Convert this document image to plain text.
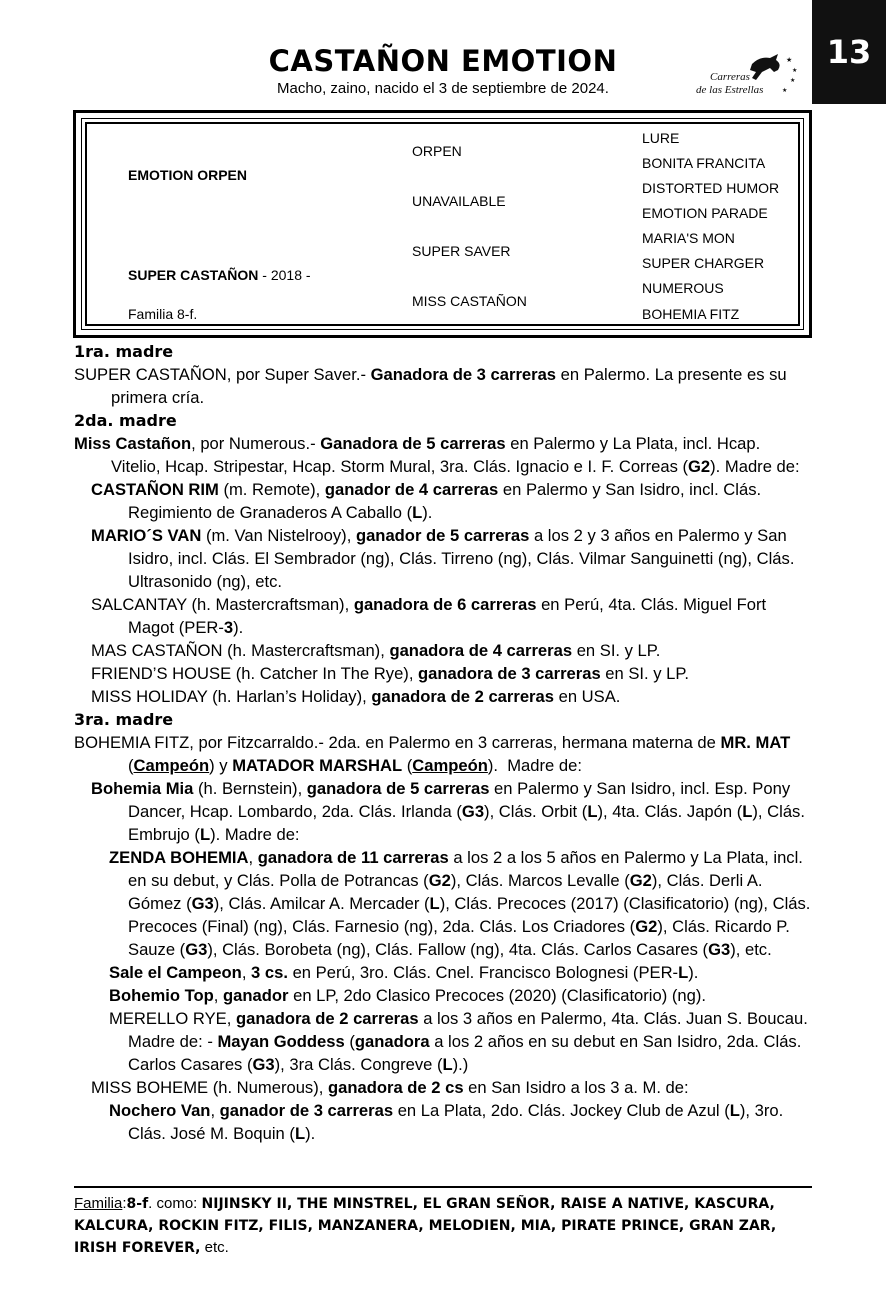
13
CASTAÑON EMOTION
Macho, zaino, nacido el 3 de septiembre de 2024.
★
★
★
★
Carreras
de las Estrellas
EMOTION ORPEN
SUPER CASTAÑON - 2018 -
Familia 8-f.
ORPEN
UNAVAILABLE
SUPER SAVER
MISS CASTAÑON
LURE
BONITA FRANCITA
DISTORTED HUMOR
EMOTION PARADE
MARIA'S MON
SUPER CHARGER
NUMEROUS
BOHEMIA FITZ

1ra. madre

SUPER CASTAÑON, por Super Saver.- Ganadora de 3 carreras en Palermo. La presente es su primera cría.

2da. madre

Miss Castañon, por Numerous.- Ganadora de 5 carreras en Palermo y La Plata, incl. Hcap. Vitelio, Hcap. Stripestar, Hcap. Storm Mural, 3ra. Clás. Ignacio e I. F. Correas (G2). Madre de:

CASTAÑON RIM (m. Remote), ganador de 4 carreras en Palermo y San Isidro, incl. Clás. Regimiento de Granaderos A Caballo (L).

MARIO´S VAN (m. Van Nistelrooy), ganador de 5 carreras a los 2 y 3 años en Palermo y San Isidro, incl. Clás. El Sembrador (ng), Clás. Tirreno (ng), Clás. Vilmar Sanguinetti (ng), Clás. Ultrasonido (ng), etc.

SALCANTAY (h. Mastercraftsman), ganadora de 6 carreras en Perú, 4ta. Clás. Miguel Fort Magot (PER-3).

MAS CASTAÑON (h. Mastercraftsman), ganadora de 4 carreras en SI. y LP.

FRIEND’S HOUSE (h. Catcher In The Rye), ganadora de 3 carreras en SI. y LP.

MISS HOLIDAY (h. Harlan’s Holiday), ganadora de 2 carreras en USA.

3ra. madre

BOHEMIA FITZ, por Fitzcarraldo.- 2da. en Palermo en 3 carreras, hermana materna de MR. MAT (Campeón) y MATADOR MARSHAL (Campeón).  Madre de:

Bohemia Mia (h. Bernstein), ganadora de 5 carreras en Palermo y San Isidro, incl. Esp. Pony Dancer, Hcap. Lombardo, 2da. Clás. Irlanda (G3), Clás. Orbit (L), 4ta. Clás. Japón (L), Clás. Embrujo (L). Madre de:

ZENDA BOHEMIA, ganadora de 11 carreras a los 2 a los 5 años en Palermo y La Plata, incl. en su debut, y Clás. Polla de Potrancas (G2), Clás. Marcos Levalle (G2), Clás. Derli A. Gómez (G3), Clás. Amilcar A. Mercader (L), Clás. Precoces (2017) (Clasificatorio) (ng), Clás. Precoces (Final) (ng), Clás. Farnesio (ng), 2da. Clás. Los Criadores (G2), Clás. Ricardo P. Sauze (G3), Clás. Borobeta (ng), Clás. Fallow (ng), 4ta. Clás. Carlos Casares (G3), etc.

Sale el Campeon, 3 cs. en Perú, 3ro. Clás. Cnel. Francisco Bolognesi (PER-L).

Bohemio Top, ganador en LP, 2do Clasico Precoces (2020) (Clasificatorio) (ng).

MERELLO RYE, ganadora de 2 carreras a los 3 años en Palermo, 4ta. Clás. Juan S. Boucau. Madre de: - Mayan Goddess (ganadora a los 2 años en su debut en San Isidro, 2da. Clás. Carlos Casares (G3), 3ra Clás. Congreve (L).)

MISS BOHEME (h. Numerous), ganadora de 2 cs en San Isidro a los 3 a. M. de:

Nochero Van, ganador de 3 carreras en La Plata, 2do. Clás. Jockey Club de Azul (L), 3ro. Clás. José M. Boquin (L).

Familia:8-f. como: NIJINSKY II, THE MINSTREL, EL GRAN SEÑOR, RAISE A NATIVE, KASCURA, KALCURA, ROCKIN FITZ, FILIS, MANZANERA, MELODIEN, MIA, PIRATE PRINCE, GRAN ZAR, IRISH FOREVER, etc.
